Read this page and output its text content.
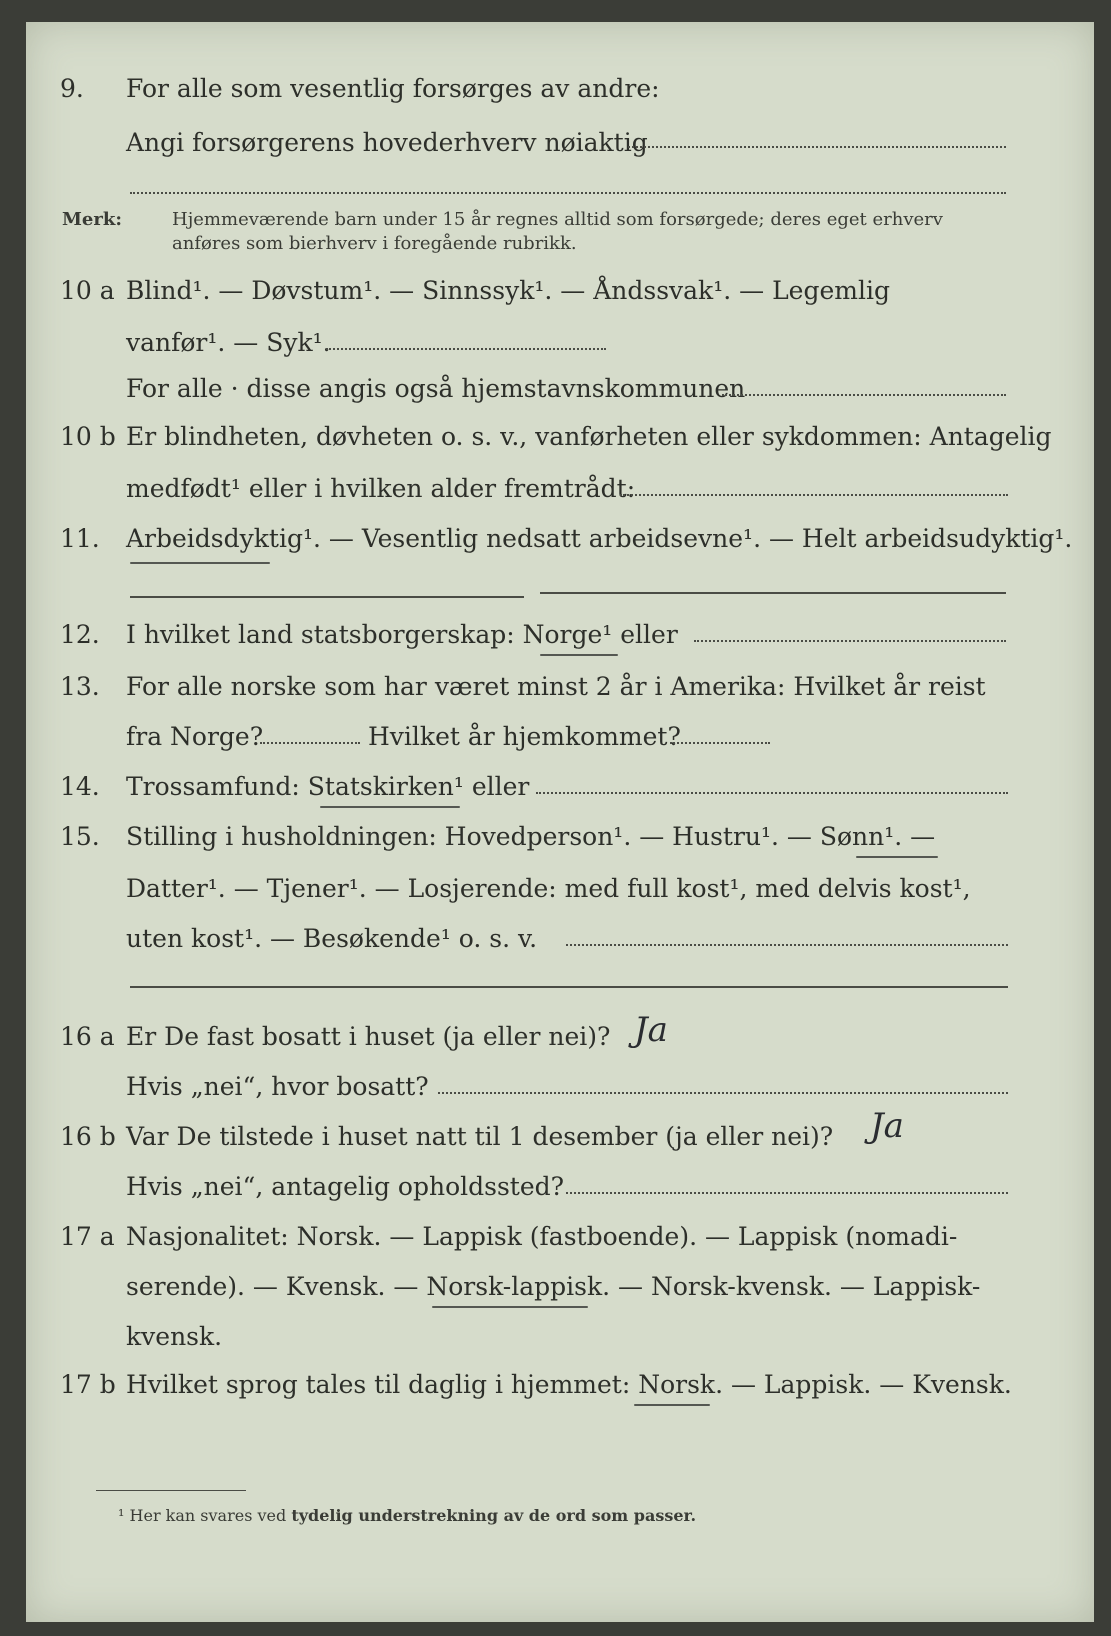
9.	For alle som vesentlig forsørges av andre:
Angi forsørgerens hovederhverv nøiaktig
Merk:	Hjemmeværende barn under 15 år regnes alltid som forsørgede; deres eget erhverv
anføres som bierhverv i foregående rubrikk.
10 a Blind¹. — Døvstum¹. — Sinnssyk¹. — Åndssvak¹. — Legemlig
vanfør¹. — Syk¹.
For alle · disse angis også hjemstavnskommunen
10 b Er blindheten, døvheten o. s. v., vanførheten eller sykdommen: Antagelig
medfødt¹ eller i hvilken alder fremtrådt:
11.	Arbeidsdyktig¹. — Vesentlig nedsatt arbeidsevne¹. — Helt arbeidsudyktig¹.
12.	I hvilket land statsborgerskap: Norge¹ eller
13.	For alle norske som har været minst 2 år i Amerika: Hvilket år reist
fra Norge?	Hvilket år hjemkommet?
14.	Trossamfund: Statskirken¹ eller
15.	Stilling i husholdningen: Hovedperson¹. — Hustru¹. — Sønn¹. —
Datter¹. — Tjener¹. — Losjerende: med full kost¹, med delvis kost¹,
uten kost¹. — Besøkende¹ o. s. v.
16 a Er De fast bosatt i huset (ja eller nei)? Ja
Hvis „nei“, hvor bosatt?
16 b Var De tilstede i huset natt til 1 desember (ja eller nei)? Ja
Hvis „nei“, antagelig opholdssted?
17 a Nasjonalitet: Norsk. — Lappisk (fastboende). — Lappisk (nomadi-
serende). — Kvensk. — Norsk-lappisk. — Norsk-kvensk. — Lappisk-
kvensk.
17 b Hvilket sprog tales til daglig i hjemmet: Norsk. — Lappisk. — Kvensk.
¹ Her kan svares ved tydelig understrekning av de ord som passer.
